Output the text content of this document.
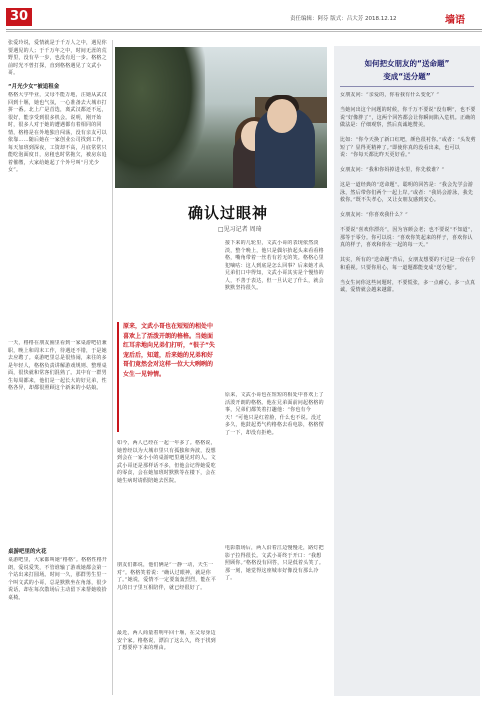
30	责任编辑：阿芬 版式：吕大芳 2018.12.12	墙语
张爱玲说，爱情就是于千万人之中，遇见你要遇见的人；于千万年之中，时间无涯的荒野里，没有早一步，也没有迟一步。格格之前时光不曾打探，直到格格遇见了文武小哥。
“月光少女”被追租金
格格大学毕业，父母不能万地，注她从武汉回到十堰，她也气氛，一心准备去大城市打拼一番。北上广是首选，离武汉都还不远，很好，能享受到很多机会。说明，刚开始时，很多人对于她的遭遇都有着相同的同情，格格是在外地独自闯荡，没有亲友可以依靠……随后她在一家创业公司找到工作，每天加班到深夜，工资却不高，月底常常只能吃泡面度日，房租也时常拖欠，被房东追着催缴，大家给她起了个外号叫“月光少女”。
一天，格格在朋友圈里看到一家桌游吧招兼职，晚上和周末工作，待遇还不错，于是她去应聘了。桌游吧里总是很热闹，来往的多是年轻人，格格负责讲解游戏规则、整理桌面，很快就和常客们混熟了。其中有一群男生每周都来，他们是一起长大的好兄弟，性格各异，却都很照顾这个新来的小姑娘。
桌游吧里的火花
桌游吧里，大家都叫她“格格”。格格性格开朗，爱说爱笑，不管谁输了游戏她都会第一个站出来打圆场。时间一久，那群男生里一个叫文武的小哥，总是默默坐在角落，很少说话，却在每次散场后主动留下来帮她收拾桌椅。
确认过眼神
□见习记者 周琦
原来，文武小哥也在短短的相处中喜欢上了活泼开朗的格格。当她面红耳赤地向兄弟们打听，“很子”失宠后后，知道，后来她的兄弟和好哥们竟然会对这样一位大大咧咧的女生一见钟情。
接下来的几轮里，文武小哥的表现依然淡淡，整个晚上，他只是偶尔抬起头来看看格格，嘴角带着一丝若有若无的笑。格格心里犯嘀咕：这人到底是怎么回事？后来她才从兄弟们口中得知，文武小哥其实是个慢热的人，不善于表达，但一旦认定了什么，就会默默坚持很久。
原来，文武小哥也在短短的相处中喜欢上了活泼开朗的格格。他在兄弟面前问起格格的事，兄弟们都笑着打趣他：“你也有今天！”可他只是红着脸，什么也不说。没过多久，他鼓起勇气约格格去看电影，格格愣了一下，却没有拒绝。
电影散场后，两人沿着江边慢慢走，路灯把影子拉得很长。文武小哥终于开口：“我想照顾你。”格格没有回答，只是低着头笑了。那一刻，她觉得这座城市好像没有那么冷了。
如今，两人已经在一起一年多了。格格说，她曾经以为大城市里只有孤独和奔波，没想到会在一家小小的桌游吧里遇见对的人。文武小哥还是那样话不多，但他会记得她爱吃的零食，会在她加班时默默等在楼下，会在她生病时请假陪她去医院。
朋友们都说，他们俩是“一静一动，天生一对”。格格笑着说：“确认过眼神，就是你了。”她说，爱情不一定要轰轰烈烈，能在平凡的日子里互相陪伴，就已经很好了。
最近，两人商量着明年回十堰，在父母身边安个家。格格说，漂泊了这么久，终于找到了想要停下来的理由。
如何把女朋友的“送命题”
变成“送分题”
女朋友问：“亲爱的，你看我有什么变化？”

当她问出这个问题的时候，你千万不要说“没有啊”，也不要说“好像胖了”，这两个回答都会让你瞬间陷入危机。正确的做法是：仔细观察，然后真诚地赞美。

比如：“你今天换了新口红吧，颜色很衬你。”或者：“头发剪短了？显得更精神了。”即使你真的没看出来，也可以说：“你每天都比昨天更好看。”

女朋友问：“我和你妈掉进水里，你先救谁？”

这是一道经典的“送命题”。聪明的回答是：“我会先学会游泳，然后带你们两个一起上岸。”或者：“我妈会游泳，我先救你。”既不失孝心，又让女朋友感到安心。

女朋友问：“你喜欢我什么？”

不要说“喜欢你漂亮”，因为容颜会老；也不要说“不知道”，那等于零分。你可以说：“喜欢你笑起来的样子，喜欢你认真的样子，喜欢和你在一起的每一天。”

其实，所有的“送命题”背后，女朋友想要的不过是一份在乎和重视。只要你用心，每一道题都能变成“送分题”。

当女生问你这些问题时，不要慌张，多一点耐心，多一点真诚，爱情就会越来越甜。
